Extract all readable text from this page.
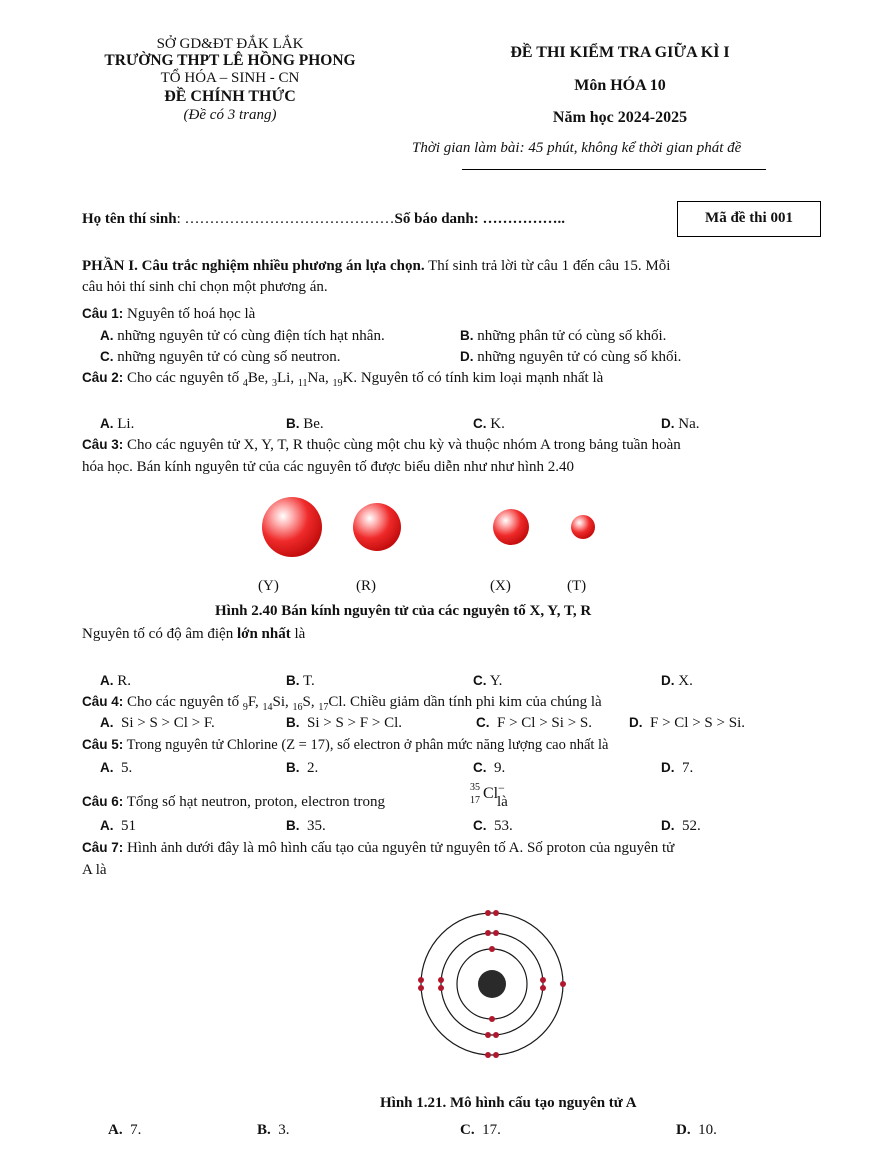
SỞ GD&ĐT ĐẮK LẮK
TRƯỜNG THPT LÊ HỒNG PHONG
TỔ HÓA – SINH - CN
ĐỀ CHÍNH THỨC
(Đề có 3 trang)
ĐỀ THI KIỂM TRA GIỮA KÌ I
Môn HÓA 10
Năm học 2024-2025
Thời gian làm bài: 45 phút, không kể thời gian phát đề
Họ tên thí sinh: ……………………………………Số báo danh: ……………..	Mã đề thi 001
PHẦN I. Câu trắc nghiệm nhiều phương án lựa chọn. Thí sinh trả lời từ câu 1 đến câu 15. Mỗi
câu hỏi thí sinh chỉ chọn một phương án.
Câu 1: Nguyên tố hoá học là
A. những nguyên tử có cùng điện tích hạt nhân.	B. những phân tử có cùng số khối.
C. những nguyên tử có cùng số neutron.	D. những nguyên tử có cùng số khối.
Câu 2: Cho các nguyên tố $_4$Be, $_3$Li, $_{11}$Na, $_{19}$K. Nguyên tố có tính kim loại mạnh nhất là
A. Li.	B. Be.	C. K.	D. Na.
Câu 3: Cho các nguyên tử X, Y, T, R thuộc cùng một chu kỳ và thuộc nhóm A trong bảng tuần hoàn
hóa học. Bán kính nguyên tử của các nguyên tố được biểu diễn như như hình 2.40
(Y)	(R)	(X)	(T)
Hình 2.40 Bán kính nguyên tử của các nguyên tố X, Y, T, R
Nguyên tố có độ âm điện lớn nhất là
A. R.	B. T.	C. Y.	D. X.
Câu 4: Cho các nguyên tố $_9$F, $_{14}$Si, $_{16}$S, $_{17}$Cl. Chiều giảm dần tính phi kim của chúng là
A. Si > S > Cl > F.	B. Si > S > F > Cl.	C. F > Cl > Si > S.	D. F > Cl > S > Si.
Câu 5: Trong nguyên tử Chlorine (Z = 17), số electron ở phân mức năng lượng cao nhất là
A. 5.	B. 2.	C. 9.	D. 7.
Câu 6: Tổng số hạt neutron, proton, electron trong
35
17 Cl −
là
A. 51	B. 35.	C. 53.	D. 52.
Câu 7: Hình ảnh dưới đây là mô hình cấu tạo của nguyên tử nguyên tố A. Số proton của nguyên tử
A là
Hình 1.21. Mô hình cấu tạo nguyên tử A
A. 7.	B. 3.	C. 17.	D. 10.
